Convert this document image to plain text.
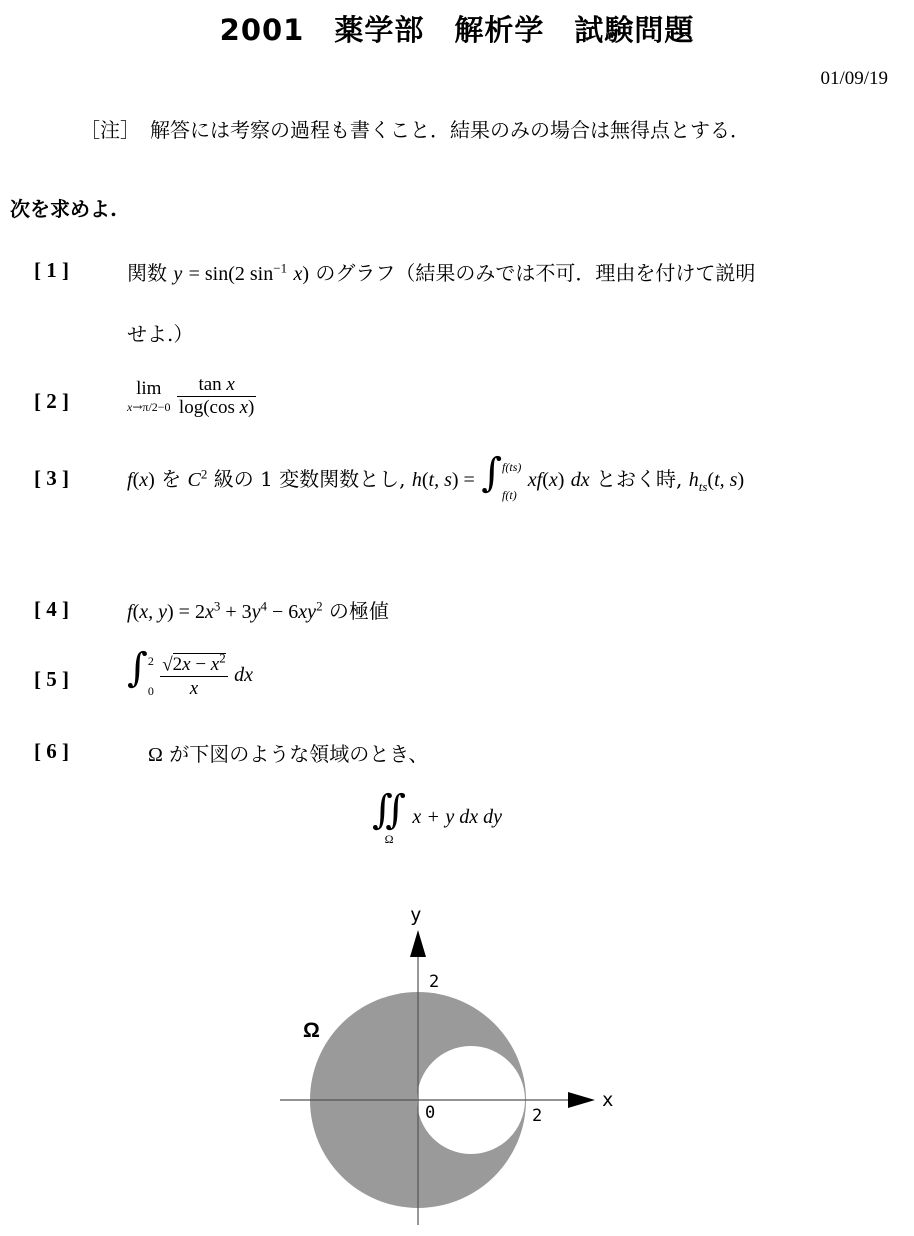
2001　薬学部　解析学　試験問題
01/09/19
［注］　解答には考察の過程も書くこと．結果のみの場合は無得点とする．
次を求めよ.
[ 1 ]	関数 y = sin(2 $\sin^{-1} x$) のグラフ（結果のみでは不可．理由を付けて説明
せよ.）
[ 2 ]
lim
x→π/2−0
$\frac{\text{tan x}}{\text{log(cos x)}}$
[ 3 ]	f(x) を $C^2$ 級の 1 変数関数とし, h(t, s) = ∫ f(ts)
f(t)
xf(x) dx とおく時, $h_{ts}(t$, s)
[ 4 ]	f(x, $y) = 2x^3 + 3y^4 - 6xy^2$ の極値
[ 5 ] ∫ 2
0
$\frac{√2x - x^2}{x}$ dx
[ 6 ]	Ω が下図のような領域のとき、
∬
Ω
x + y dx dy
y
x
0	2
2
Ω
